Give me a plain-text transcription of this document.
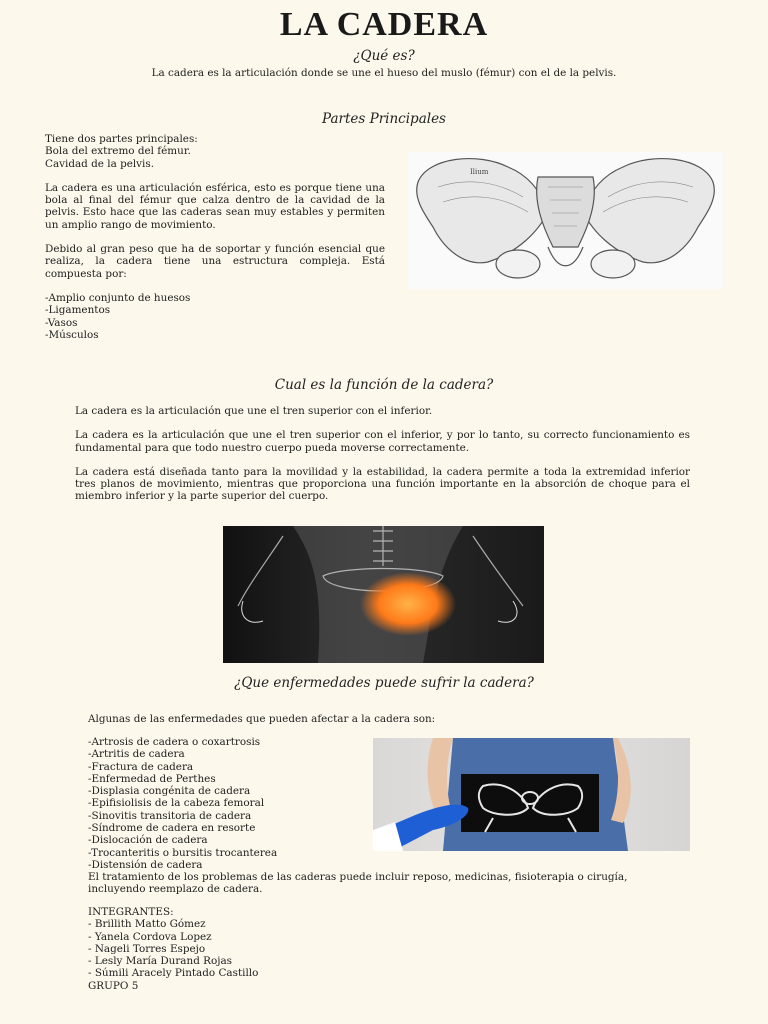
LA CADERA
¿Qué es?
La cadera es la articulación donde se une el hueso del muslo (fémur) con el de la pelvis.
Partes Principales

Tiene dos partes principales:

Bola del extremo del fémur.

Cavidad de la pelvis.

La cadera es una articulación esférica, esto es porque tiene una bola al final del fémur que calza dentro de la cavidad de la pelvis. Esto hace que las caderas sean muy estables y permiten un amplio rango de movimiento.

Debido al gran peso que ha de soportar y función esencial que realiza, la cadera tiene una estructura compleja. Está compuesta por:

-Amplio conjunto de huesos
-Ligamentos
-Vasos
-Músculos
Ilium
Cual es la función de la cadera?

La cadera es la articulación que une el tren superior con el inferior.

La cadera es la articulación que une el tren superior con el inferior, y por lo tanto, su correcto funcionamiento es fundamental para que todo nuestro cuerpo pueda moverse correctamente.

La cadera está diseñada tanto para la movilidad y la estabilidad, la cadera permite a toda la extremidad inferior tres planos de movimiento, mientras que proporciona una función importante en la absorción de choque para el miembro inferior y la parte superior del cuerpo.

¿Que enfermedades puede sufrir la cadera?
Algunas de las enfermedades que pueden afectar a la cadera son:
-Artrosis de cadera o coxartrosis
-Artritis de cadera
-Fractura de cadera
-Enfermedad de Perthes
-Displasia congénita de cadera
-Epifisiolisis de la cabeza femoral
-Sinovitis transitoria de cadera
-Síndrome de cadera en resorte
-Dislocación de cadera
-Trocanteritis o bursitis trocanterea
-Distensión de cadera
El tratamiento de los problemas de las caderas puede incluir reposo, medicinas, fisioterapia o cirugía, incluyendo reemplazo de cadera.

INTEGRANTES:

- Brillith Matto Gómez

- Yanela Cordova Lopez

- Nageli Torres Espejo

- Lesly María Durand Rojas

- Súmili Aracely Pintado Castillo

GRUPO 5
